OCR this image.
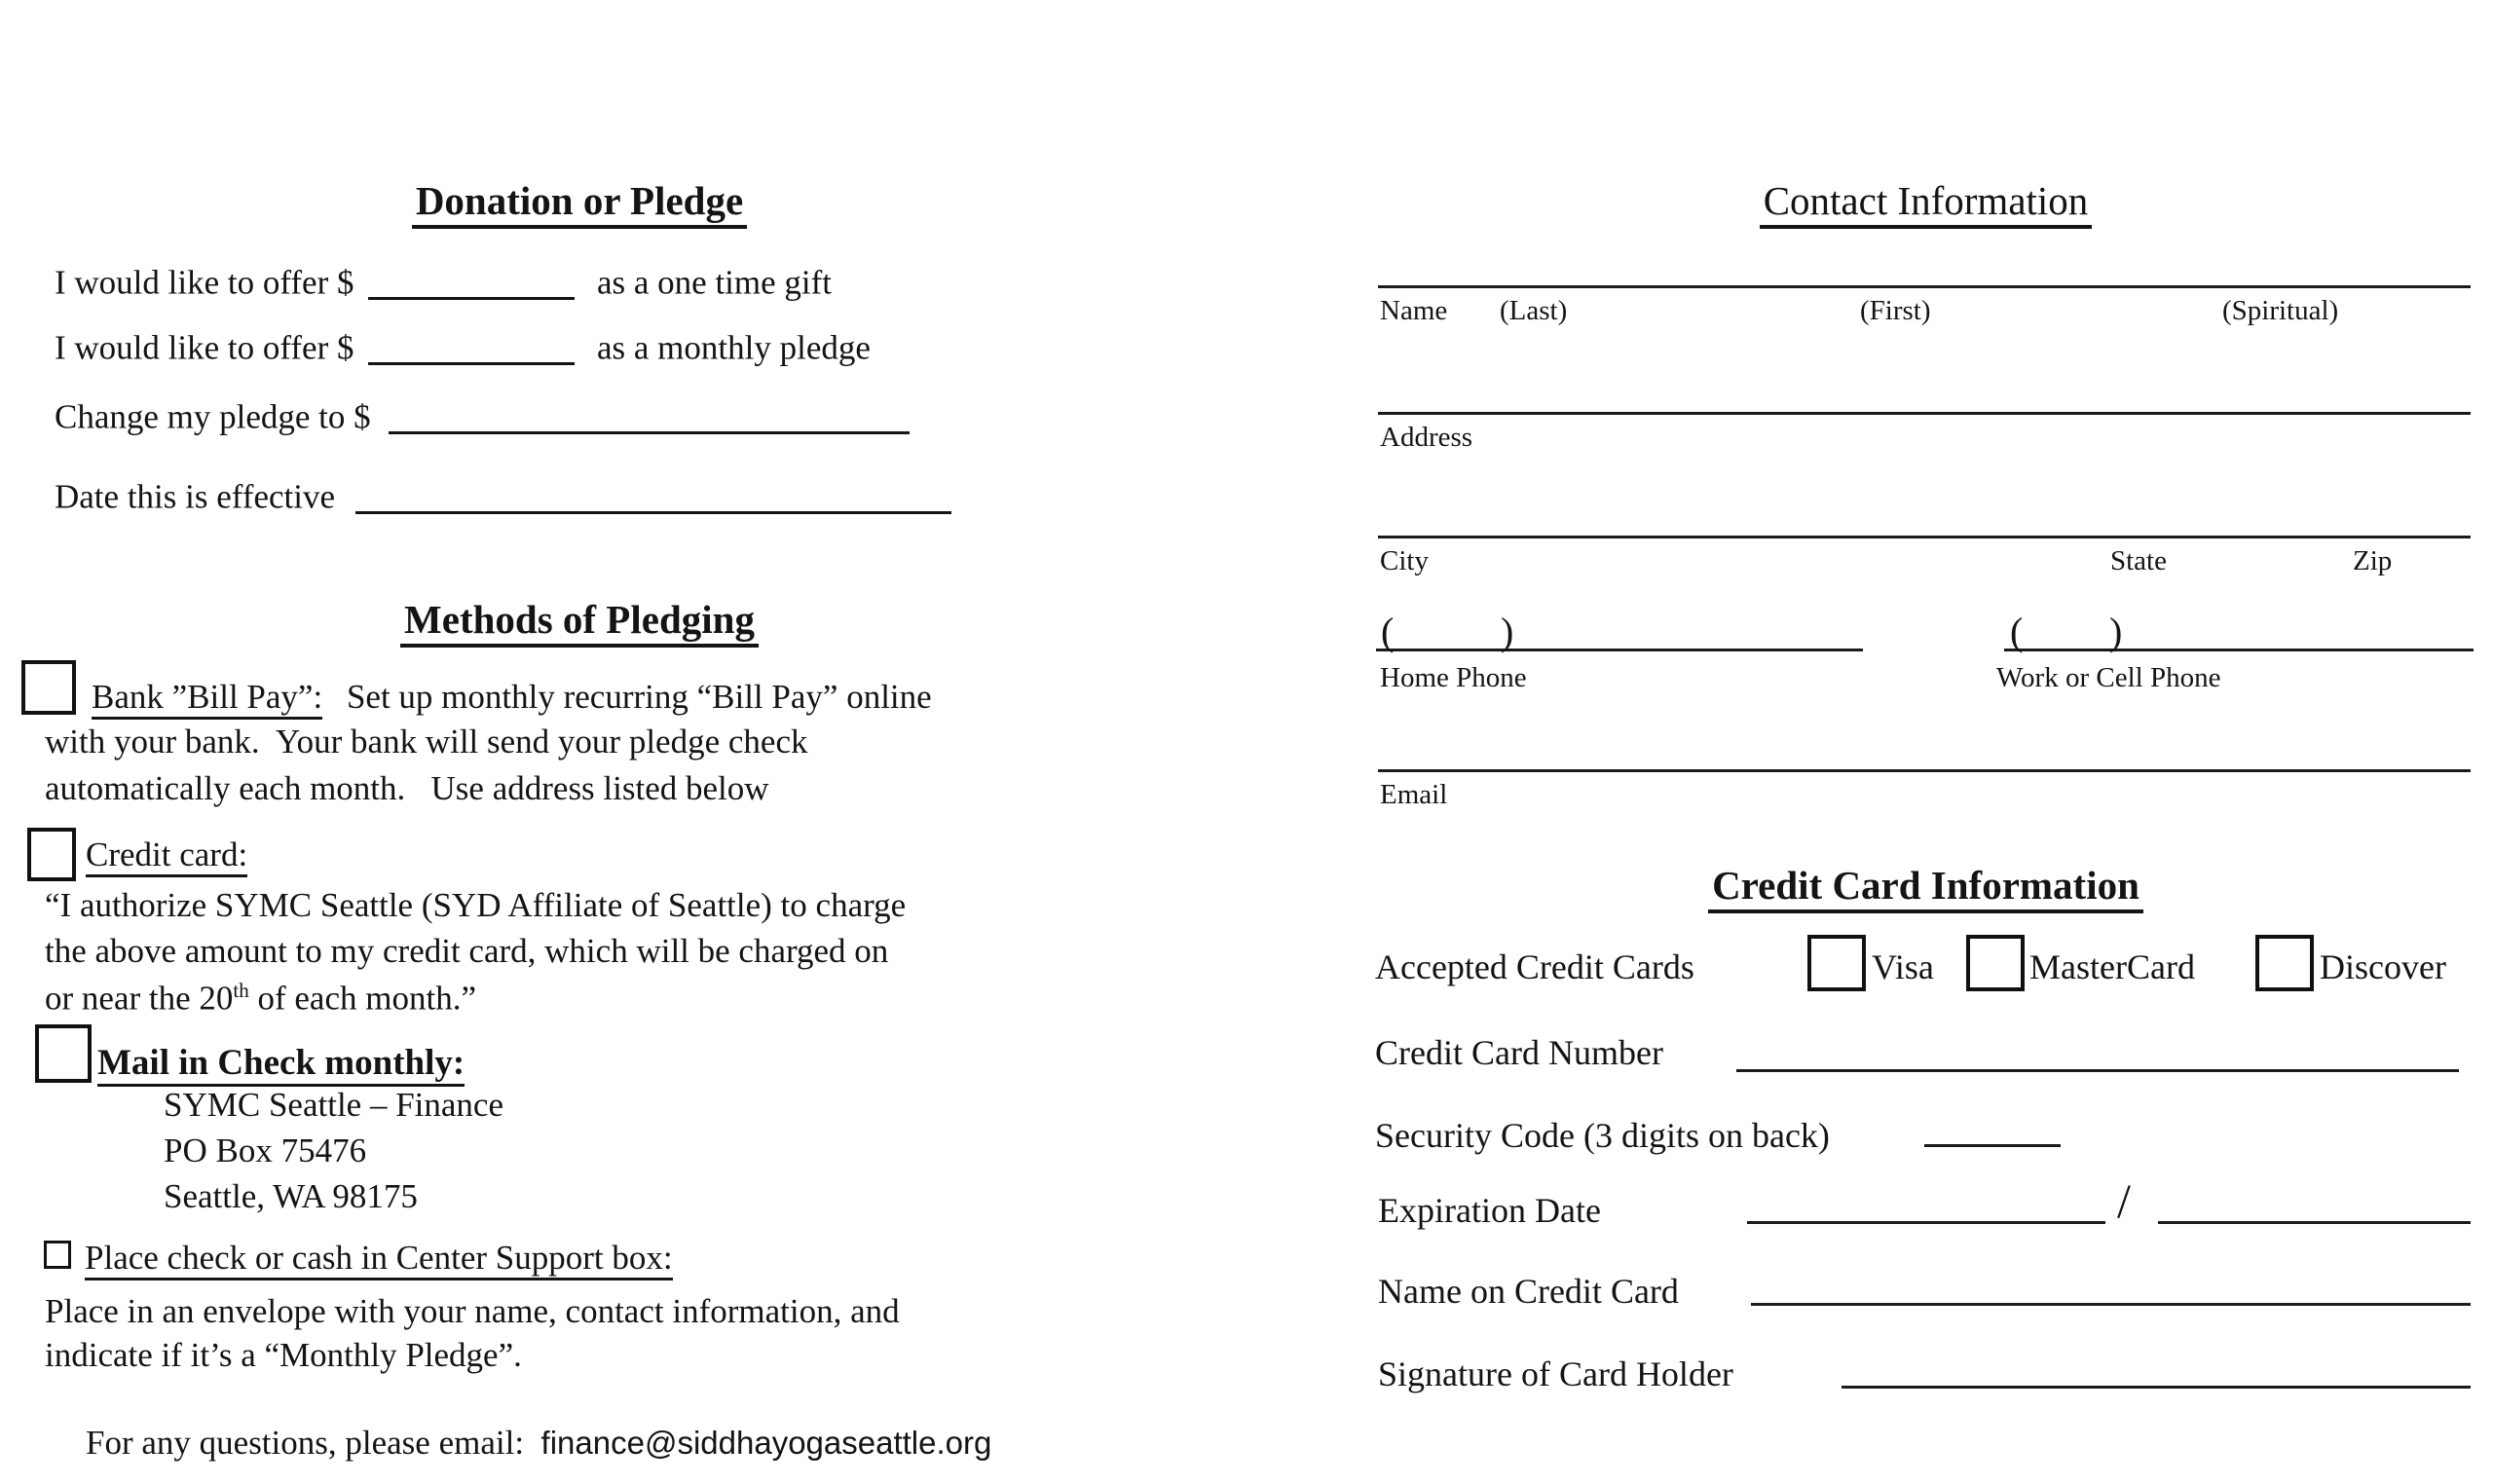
Donation or Pledge
I would like to offer $	as a one time gift
I would like to offer $	as a monthly pledge
Change my pledge to $
Date this is effective
Methods of Pledging
Bank ”Bill Pay”: Set up monthly recurring “Bill Pay” online
with your bank.  Your bank will send your pledge check
automatically each month.   Use address listed below
Credit card:
“I authorize SYMC Seattle (SYD Affiliate of Seattle) to charge
the above amount to my credit card, which will be charged on
or near the 20th of each month.”
Mail in Check monthly:
SYMC Seattle – Finance
PO Box 75476
Seattle, WA 98175
Place check or cash in Center Support box:
Place in an envelope with your name, contact information, and
indicate if it’s a “Monthly Pledge”.
For any questions, please email:  finance@siddhayogaseattle.org
Contact Information
Name (Last)	(First)	(Spiritual)
Address
City	State	Zip
(	)	( )
Home Phone	Work or Cell Phone
Email
Credit Card Information
Accepted Credit Cards	Visa	MasterCard	Discover
Credit Card Number
Security Code (3 digits on back)
Expiration Date	/
Name on Credit Card
Signature of Card Holder
